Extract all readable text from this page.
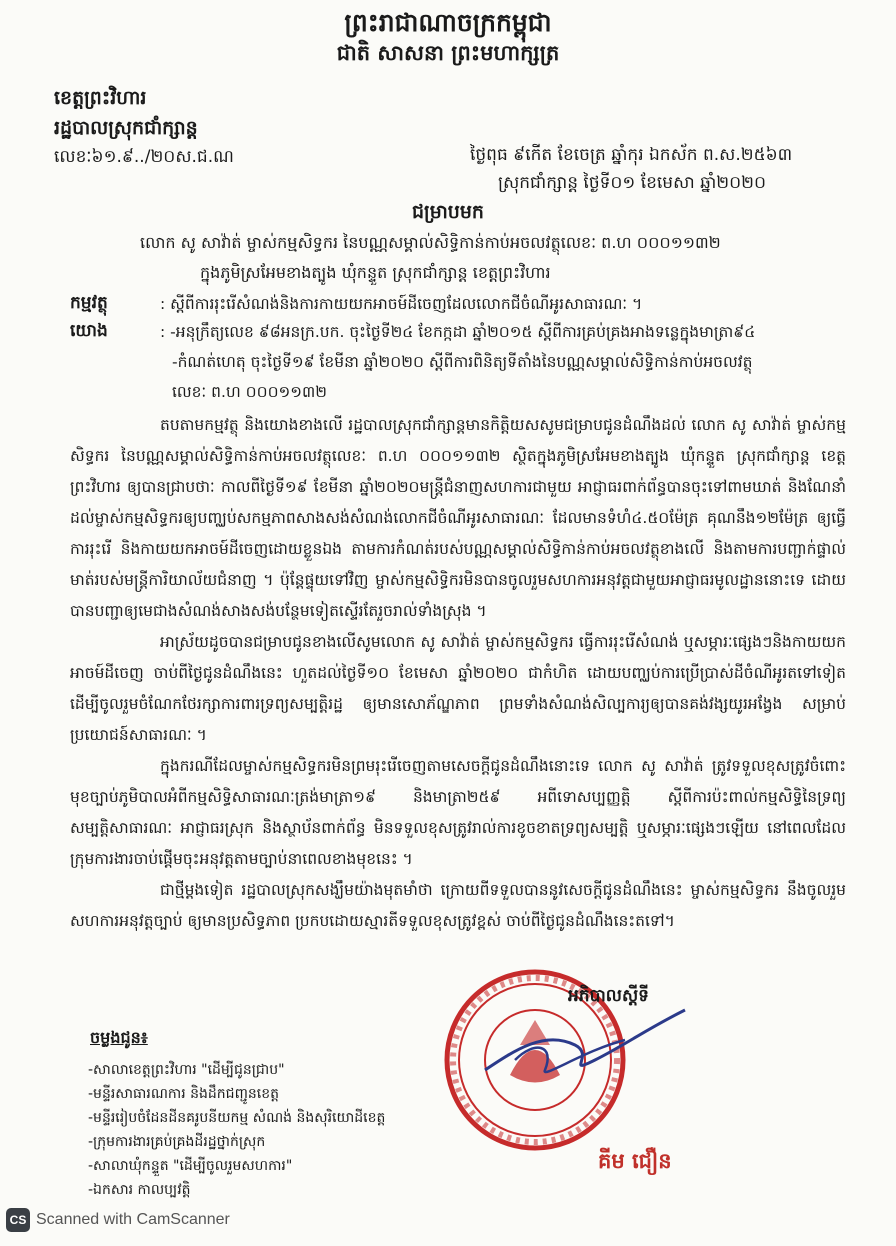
ព្រះរាជាណាចក្រកម្ពុជា
ជាតិ សាសនា ព្រះមហាក្សត្រ
ខេត្តព្រះវិហារ
រដ្ឋបាលស្រុកជាំក្សាន្ត
លេខៈ៦១.៩../២០ស.ជ.ណ	ថ្ងៃពុធ ៩កើត ខែចេត្រ ឆ្នាំកុរ ឯកស័ក ព.ស.២៥៦៣
ស្រុកជាំក្សាន្ត ថ្ងៃទី០១ ខែមេសា ឆ្នាំ២០២០
ជម្រាបមក
លោក សូ សាវ៉ាត់ ម្ចាស់កម្មសិទ្ធករ នៃបណ្ណសម្គាល់សិទ្ធិកាន់កាប់អចលវត្ថុលេខៈ ព.ហ ០០០១១៣២
ក្នុងភូមិស្រអែមខាងត្បូង ឃុំកន្ទួត ស្រុកជាំក្សាន្ត ខេត្តព្រះវិហារ
កម្មវត្ថុ	: ស្តីពីការរុះរើសំណង់និងការកាយយកអាចម៍ដីចេញដែលលោកជីចំណីអូរសាធារណៈ ។
យោង	: -អនុក្រឹត្យលេខ ៩៨អនក្រ.បក. ចុះថ្ងៃទី២៤ ខែកក្កដា ឆ្នាំ២០១៥ ស្តីពីការគ្រប់គ្រងអាងទន្លេក្នុងមាត្រា៩៤
-កំណត់ហេតុ ចុះថ្ងៃទី១៩ ខែមីនា ឆ្នាំ២០២០ ស្តីពីការពិនិត្យទីតាំងនៃបណ្ណសម្គាល់សិទ្ធិកាន់កាប់អចលវត្ថុ
លេខៈ ព.ហ ០០០១១៣២

តបតាមកម្មវត្ថុ និងយោងខាងលើ រដ្ឋបាលស្រុកជាំក្សាន្តមានកិត្តិយសសូមជម្រាបជូនដំណឹងដល់ លោក សូ សាវ៉ាត់ ម្ចាស់កម្មសិទ្ធករ នៃបណ្ណសម្គាល់សិទ្ធិកាន់កាប់អចលវត្ថុលេខៈ ព.ហ ០០០១១៣២ ស្ថិតក្នុងភូមិស្រអែមខាងត្បូង ឃុំកន្ទួត ស្រុកជាំក្សាន្ត ខេត្តព្រះវិហារ ឲ្យបានជ្រាបថាៈ កាលពីថ្ងៃទី១៩ ខែមីនា ឆ្នាំ២០២០មន្ត្រីជំនាញសហការជាមួយ អាជ្ញាធរពាក់ព័ន្ធបានចុះទៅពាមឃាត់ និងណែនាំដល់ម្ចាស់កម្មសិទ្ធករឲ្យបញ្ឈប់សកម្មភាពសាងសង់សំណង់លោកជីចំណីអូរសាធារណៈ ដែលមានទំហំ៤.៥០ម៉ែត្រ គុណនឹង១២ម៉ែត្រ ឲ្យធ្វើការរុះរើ និងកាយយកអាចម៍ដីចេញដោយខ្លួនឯង តាមការកំណត់របស់បណ្ណសម្គាល់សិទ្ធិកាន់កាប់អចលវត្ថុខាងលើ និងតាមការបញ្ជាក់ផ្ទាល់មាត់របស់មន្ត្រីការិយាល័យជំនាញ ។ ប៉ុន្តែផ្ទុយទៅវិញ ម្ចាស់កម្មសិទ្ធិករមិនបានចូលរួមសហការអនុវត្តជាមួយអាជ្ញាធរមូលដ្ឋាននោះទេ ដោយបានបញ្ជាឲ្យមេជាងសំណង់សាងសង់បន្ថែមទៀតស្ទើរតែរួចរាល់ទាំងស្រុង ។

អាស្រ័យដូចបានជម្រាបជូនខាងលើសូមលោក សូ សាវ៉ាត់ ម្ចាស់កម្មសិទ្ធករ ធ្វើការរុះរើសំណង់ ឬសម្ភារៈផ្សេងៗនិងកាយយកអាចម៍ដីចេញ ចាប់ពីថ្ងៃជូនដំណឹងនេះ ហួតដល់ថ្ងៃទី១០ ខែមេសា ឆ្នាំ២០២០ ជាកំហិត ដោយបញ្ឈប់ការប្រើប្រាស់ដីចំណីអូរតទៅទៀត ដើម្បីចូលរួមចំណែកថែរក្សាការពារទ្រព្យសម្បត្តិរដ្ឋ ឲ្យមានសោភ័ណ្ឌភាព ព្រមទាំងសំណង់សិល្បការ្យឲ្យបានគង់វង្សយូរអង្វែង សម្រាប់ប្រយោជន៍សាធារណៈ ។

ក្នុងករណីដែលម្ចាស់កម្មសិទ្ធករមិនព្រមរុះរើចេញតាមសេចក្តីជូនដំណឹងនោះទេ លោក សូ សាវ៉ាត់ ត្រូវទទួលខុសត្រូវចំពោះមុខច្បាប់ភូមិបាលអំពីកម្មសិទ្ធិសាធារណៈត្រង់មាត្រា១៩ និងមាត្រា២៥៩ អពីទោសប្បញ្ញត្តិ ស្តីពីការប៉ះពាល់កម្មសិទ្ធិនៃទ្រព្យសម្បត្តិសាធារណៈ អាជ្ញាធរស្រុក និងស្ថាប័នពាក់ព័ន្ធ មិនទទួលខុសត្រូវរាល់ការខូចខាតទ្រព្យសម្បត្តិ ឬសម្ភារៈផ្សេងៗឡើយ នៅពេលដែលក្រុមការងារចាប់ផ្តើមចុះអនុវត្តតាមច្បាប់នាពេលខាងមុខនេះ ។

ជាថ្មីម្តងទៀត រដ្ឋបាលស្រុកសង្ឃឹមយ៉ាងមុតមាំថា ក្រោយពីទទួលបាននូវសេចក្តីជូនដំណឹងនេះ ម្ចាស់កម្មសិទ្ធករ នឹងចូលរួមសហការអនុវត្តច្បាប់ ឲ្យមានប្រសិទ្ធភាព ប្រកបដោយស្មារតីទទួលខុសត្រូវខ្ពស់ ចាប់ពីថ្ងៃជូនដំណឹងនេះតទៅ។

អភិបាលស្តីទី
គីម ជឿន
ចម្លងជូន៖
-សាលាខេត្តព្រះវិហារ "ដើម្បីជូនជ្រាប"
-មន្ទីរសាធារណការ និងដឹកជញ្ជូនខេត្ត
-មន្ទីររៀបចំដែនដីនគរូបនីយកម្ម សំណង់ និងសុរិយោដីខេត្ត
-ក្រុមការងារគ្រប់គ្រងដីរដ្ឋថ្នាក់ស្រុក
-សាលាឃុំកន្ទួត "ដើម្បីចូលរួមសហការ"
-ឯកសារ កាលប្បវត្តិ
CS Scanned with CamScanner
